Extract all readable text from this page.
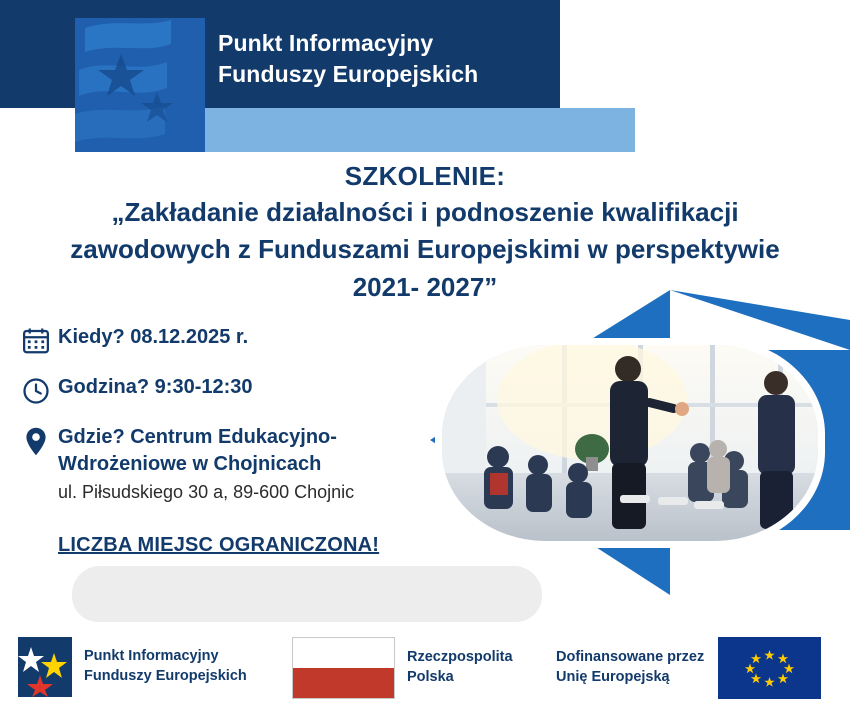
Punkt Informacyjny
Funduszy Europejskich
SZKOLENIE:
„Zakładanie działalności i podnoszenie kwalifikacji zawodowych z Funduszami Europejskimi w perspektywie 2021- 2027”
Kiedy? 08.12.2025 r.
Godzina? 9:30-12:30
Gdzie? Centrum Edukacyjno-Wdrożeniowe w Chojnicach
ul. Piłsudskiego 30 a, 89-600 Chojnic
LICZBA MIEJSC OGRANICZONA!
Punkt Informacyjny
Funduszy Europejskich
Rzeczpospolita
Polska
Dofinansowane przez
Unię Europejską
